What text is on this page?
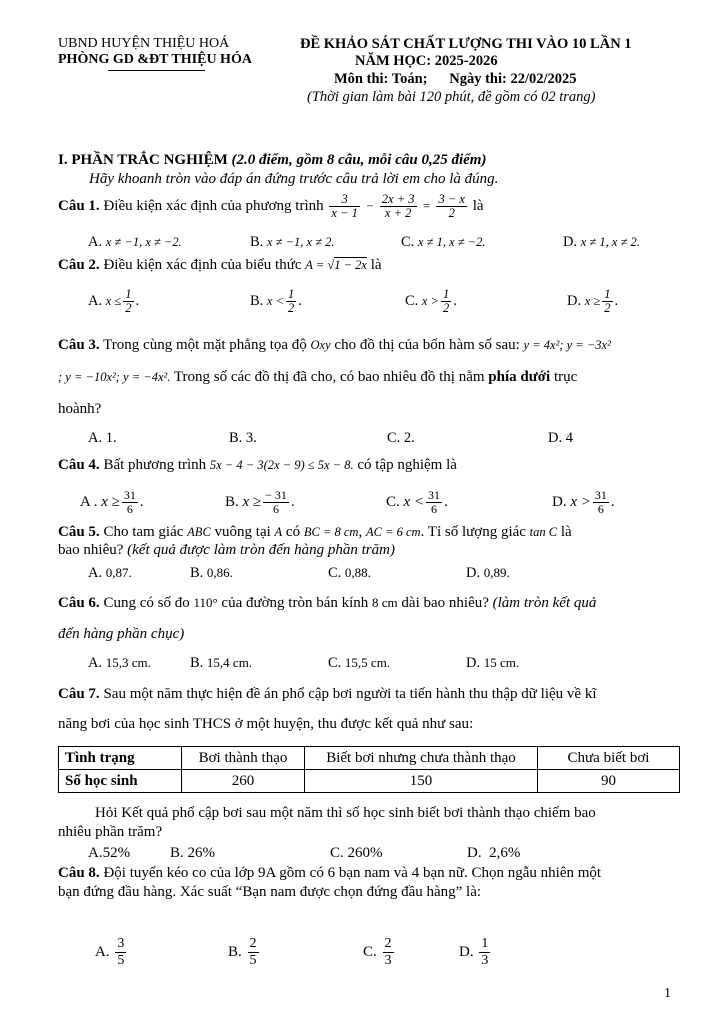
UBND HUYỆN THIỆU HOÁ
PHÒNG GD &ĐT THIỆU HÓA
ĐỀ KHẢO SÁT CHẤT LƯỢNG THI VÀO 10 LẦN 1
NĂM HỌC: 2025-2026
Môn thi: Toán;      Ngày thi: 22/02/2025
(Thời gian làm bài 120 phút, đề gồm có 02 trang)
I. PHẦN TRẮC NGHIỆM (2.0 điểm, gồm 8 câu, mỗi câu 0,25 điểm)
Hãy khoanh tròn vào đáp án đứng trước câu trả lời em cho là đúng.
Câu 1. Điều kiện xác định của phương trình $\frac{3}{x - 1} - \frac{2x + 3}{x + 2} = \frac{3 - x}{2}$ là
A. x ≠ −1, x ≠ −2.	B. x ≠ −1, x ≠ 2.	C. x ≠ 1, x ≠ −2.	D. x ≠ 1, x ≠ 2.
Câu 2. Điều kiện xác định của biểu thức A = √1 − 2x là
A. $x \le \frac{1}{2}$ .	B. $x < \frac{1}{2}$ .	C. $x > \frac{1}{2}$ .	D. $x \ge \frac{1}{2}$ .
Câu 3. Trong cùng một mặt phẳng tọa độ Oxy cho đồ thị của bốn hàm số sau: y = 4x²; y = −3x²
; y = −10x²; y = −4x². Trong số các đồ thị đã cho, có bao nhiêu đồ thị nằm phía dưới trục
hoành?
A. 1.	B. 3.	C. 2.	D. 4
Câu 4. Bất phương trình 5x − 4 − 3(2x − 9) ≤ 5x − 8. có tập nghiệm là
A . $x \ge \frac{31}{6}$ .	B. $x \ge \frac{- 31}{6}$ .	C. $x < \frac{31}{6}$ .	D. $x > \frac{31}{6}$ .
Câu 5. Cho tam giác ABC vuông tại A có BC = 8 cm, AC = 6 cm. Tỉ số lượng giác tan C là
bao nhiêu? (kết quả được làm tròn đến hàng phần trăm)
A. 0,87.	B. 0,86.	C. 0,88.	D. 0,89.
Câu 6. Cung có số đo 110° của đường tròn bán kính 8 cm dài bao nhiêu? (làm tròn kết quả
đến hàng phần chục)
A. 15,3 cm.	B. 15,4 cm.	C. 15,5 cm.	D. 15 cm.
Câu 7. Sau một năm thực hiện đề án phổ cập bơi người ta tiến hành thu thập dữ liệu về kĩ
năng bơi của học sinh THCS ở một huyện, thu được kết quả như sau:
Tình trạng	Bơi thành thạo	Biết bơi nhưng chưa thành thạo	Chưa biết bơi
Số học sinh	260	150	90
Hỏi Kết quả phổ cập bơi sau một năm thì số học sinh biết bơi thành thạo chiếm bao
nhiêu phần trăm?
A.52%	B. 26%	C. 260%	D.  2,6%
Câu 8. Đội tuyển kéo co của lớp 9A gồm có 6 bạn nam và 4 bạn nữ. Chọn ngẫu nhiên một
bạn đứng đầu hàng. Xác suất “Bạn nam được chọn đứng đầu hàng” là:
A. $\frac{3}{5}$	B. $\frac{2}{5}$	C. $\frac{2}{3}$	D. $\frac{1}{3}$
1
